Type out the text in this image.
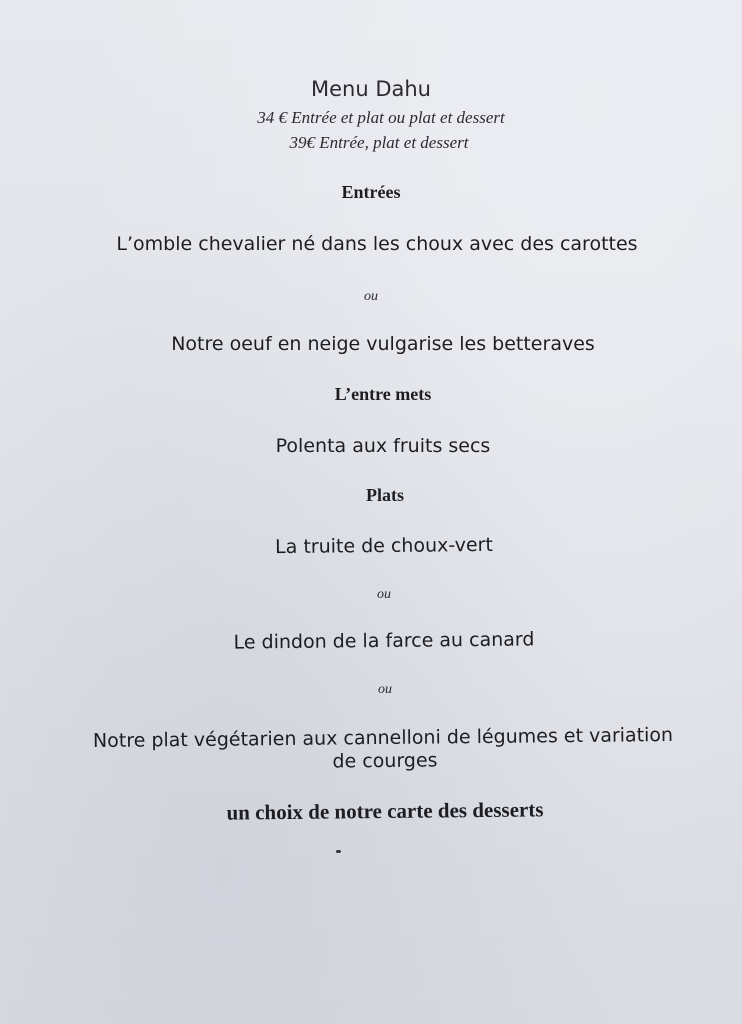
Menu Dahu
34 € Entrée et plat ou plat et dessert
39€ Entrée, plat et dessert
Entrées
L’omble chevalier né dans les choux avec des carottes
ou
Notre oeuf en neige vulgarise les betteraves
L’entre mets
Polenta aux fruits secs
Plats
La truite de choux-vert
ou
Le dindon de la farce au canard
ou
Notre plat végétarien aux cannelloni de légumes et variation
de courges
un choix de notre carte des desserts
